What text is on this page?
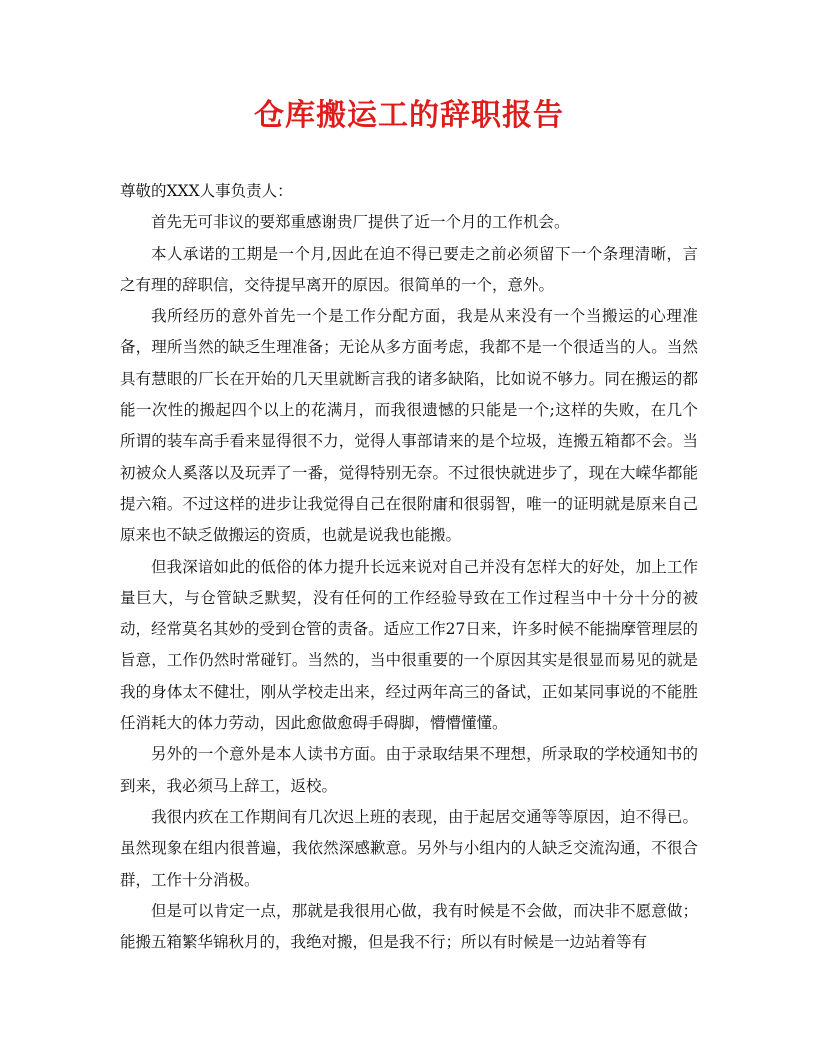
仓库搬运工的辞职报告

尊敬的XXX人事负责人：

首先无可非议的要郑重感谢贵厂提供了近一个月的工作机会。

本人承诺的工期是一个月,因此在迫不得已要走之前必须留下一个条理清晰，言之有理的辞职信，交待提早离开的原因。很简单的一个，意外。

我所经历的意外首先一个是工作分配方面，我是从来没有一个当搬运的心理准备，理所当然的缺乏生理准备；无论从多方面考虑，我都不是一个很适当的人。当然具有慧眼的厂长在开始的几天里就断言我的诸多缺陷，比如说不够力。同在搬运的都能一次性的搬起四个以上的花满月，而我很遗憾的只能是一个;这样的失败，在几个所谓的装车高手看来显得很不力，觉得人事部请来的是个垃圾，连搬五箱都不会。当初被众人奚落以及玩弄了一番，觉得特别无奈。不过很快就进步了，现在大嵘华都能提六箱。不过这样的进步让我觉得自己在很附庸和很弱智，唯一的证明就是原来自己原来也不缺乏做搬运的资质，也就是说我也能搬。

但我深谙如此的低俗的体力提升长远来说对自己并没有怎样大的好处，加上工作量巨大，与仓管缺乏默契，没有任何的工作经验导致在工作过程当中十分十分的被动，经常莫名其妙的受到仓管的责备。适应工作27日来，许多时候不能揣摩管理层的旨意，工作仍然时常碰钉。当然的，当中很重要的一个原因其实是很显而易见的就是我的身体太不健壮，刚从学校走出来，经过两年高三的备试，正如某同事说的不能胜任消耗大的体力劳动，因此愈做愈碍手碍脚，懵懵懂懂。

另外的一个意外是本人读书方面。由于录取结果不理想，所录取的学校通知书的到来，我必须马上辞工，返校。

我很内疚在工作期间有几次迟上班的表现，由于起居交通等等原因，迫不得已。虽然现象在组内很普遍，我依然深感歉意。另外与小组内的人缺乏交流沟通，不很合群，工作十分消极。

但是可以肯定一点，那就是我很用心做，我有时候是不会做，而决非不愿意做；能搬五箱繁华锦秋月的，我绝对搬，但是我不行；所以有时候是一边站着等有
